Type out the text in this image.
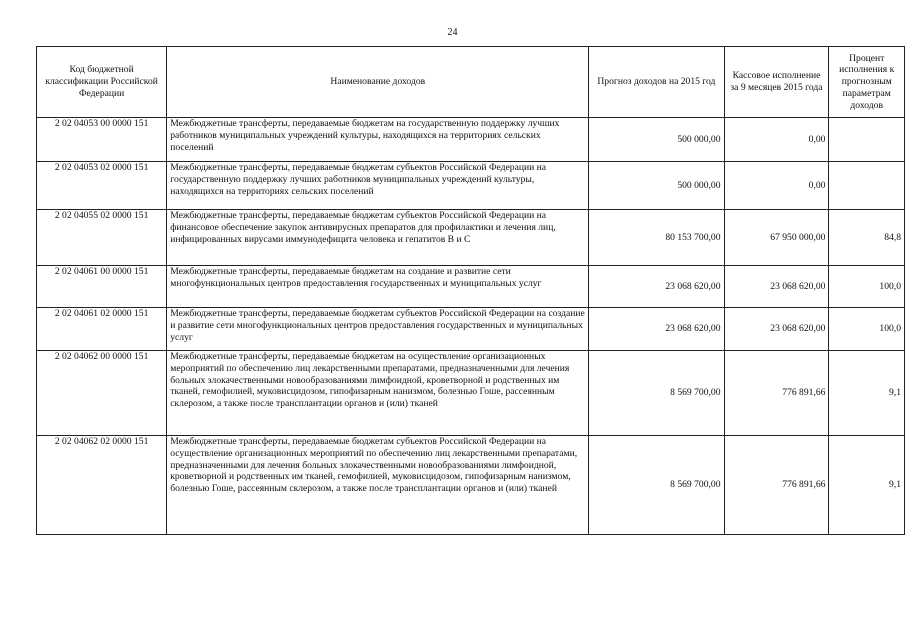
24
Код бюджетной классификации Российской Федерации	Наименование доходов	Прогноз доходов на 2015 год	Кассовое исполнение за 9 месяцев 2015 года	Процент исполнения к прогнозным параметрам доходов
2 02 04053 00 0000 151	Межбюджетные трансферты, передаваемые бюджетам на государственную поддержку лучших работников муниципальных учреждений культуры, находящихся на территориях сельских поселений	500 000,00	0,00	
2 02 04053 02 0000 151	Межбюджетные трансферты, передаваемые бюджетам субъектов Российской Федерации на государственную поддержку лучших работников муниципальных учреждений культуры, находящихся на территориях сельских поселений	500 000,00	0,00	
2 02 04055 02 0000 151	Межбюджетные трансферты, передаваемые бюджетам субъектов Российской Федерации на финансовое обеспечение закупок антивирусных препаратов для профилактики и лечения лиц, инфицированных вирусами иммунодефицита человека и гепатитов В и С	80 153 700,00	67 950 000,00	84,8
2 02 04061 00 0000 151	Межбюджетные трансферты, передаваемые бюджетам на создание и развитие сети многофункциональных центров предоставления государственных и муниципальных услуг	23 068 620,00	23 068 620,00	100,0
2 02 04061 02 0000 151	Межбюджетные трансферты, передаваемые бюджетам субъектов Российской Федерации на создание и развитие сети многофункциональных центров предоставления государственных и муниципальных услуг	23 068 620,00	23 068 620,00	100,0
2 02 04062 00 0000 151	Межбюджетные трансферты, передаваемые бюджетам на осуществление организационных мероприятий по обеспечению лиц лекарственными препаратами, предназначенными для лечения больных злокачественными новообразованиями лимфоидной, кроветворной и родственных им тканей, гемофилией, муковисцидозом, гипофизарным нанизмом, болезнью Гоше, рассеянным склерозом, а также после трансплантации органов и (или) тканей	8 569 700,00	776 891,66	9,1
2 02 04062 02 0000 151	Межбюджетные трансферты, передаваемые бюджетам субъектов Российской Федерации на осуществление организационных мероприятий по обеспечению лиц лекарственными препаратами, предназначенными для лечения больных злокачественными новообразованиями лимфоидной, кроветворной и родственных им тканей, гемофилией, муковисцидозом, гипофизарным нанизмом, болезнью Гоше, рассеянным склерозом, а также после трансплантации органов и (или) тканей	8 569 700,00	776 891,66	9,1
